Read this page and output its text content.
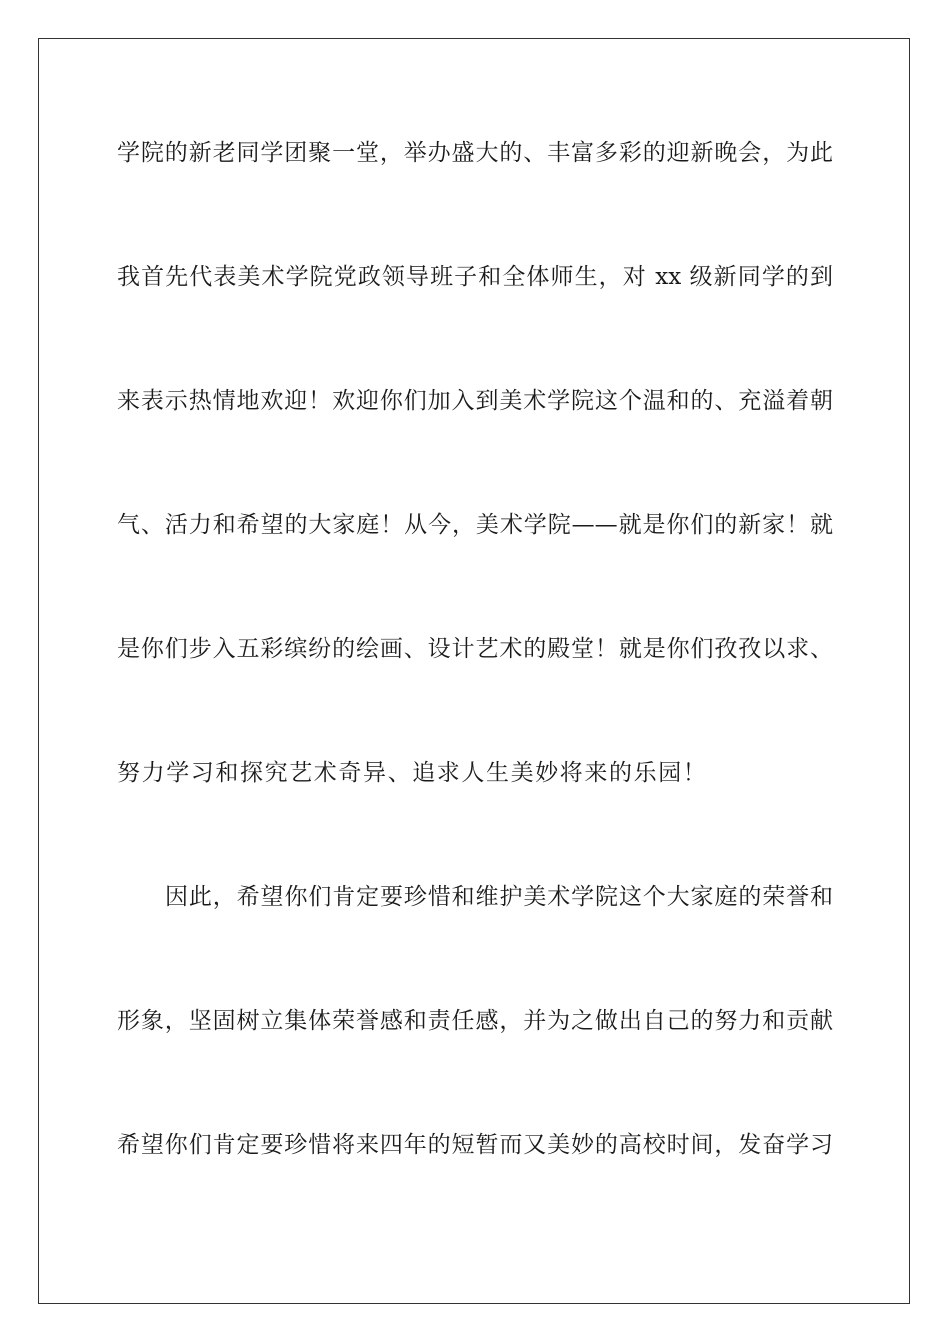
学院的新老同学团聚一堂，举办盛大的、丰富多彩的迎新晚会，为此
我首先代表美术学院党政领导班子和全体师生，对 xx 级新同学的到
来表示热情地欢迎！欢迎你们加入到美术学院这个温和的、充溢着朝
气、活力和希望的大家庭！从今，美术学院——就是你们的新家！就
是你们步入五彩缤纷的绘画、设计艺术的殿堂！就是你们孜孜以求、
努力学习和探究艺术奇异、追求人生美妙将来的乐园！
因此，希望你们肯定要珍惜和维护美术学院这个大家庭的荣誉和
形象，坚固树立集体荣誉感和责任感，并为之做出自己的努力和贡献
希望你们肯定要珍惜将来四年的短暂而又美妙的高校时间，发奋学习
